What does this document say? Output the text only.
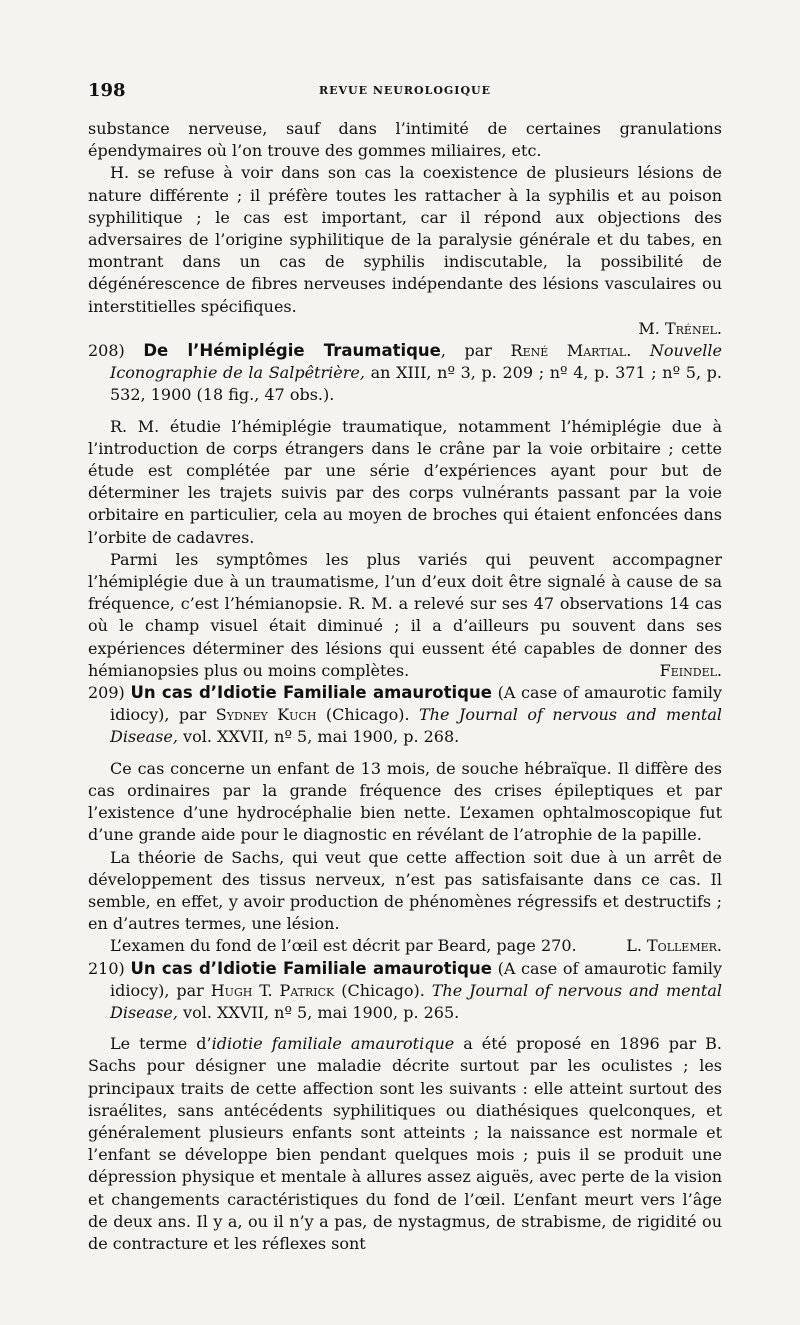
198	REVUE NEUROLOGIQUE

substance nerveuse, sauf dans l’intimité de certaines granulations épendymaires où l’on trouve des gommes miliaires, etc.

H. se refuse à voir dans son cas la coexistence de plusieurs lésions de nature différente ; il préfère toutes les rattacher à la syphilis et au poison syphilitique ; le cas est important, car il répond aux objections des adversaires de l’origine syphilitique de la paralysie générale et du tabes, en montrant dans un cas de syphilis indiscutable, la possibilité de dégénérescence de fibres nerveuses indépendante des lésions vasculaires ou interstitielles spécifiques.

M. Trénel.

208) De l’Hémiplégie Traumatique, par René Martial. Nouvelle Iconographie de la Salpêtrière, an XIII, nº 3, p. 209 ; nº 4, p. 371 ; nº 5, p. 532, 1900 (18 fig., 47 obs.).

R. M. étudie l’hémiplégie traumatique, notamment l’hémiplégie due à l’introduction de corps étrangers dans le crâne par la voie orbitaire ; cette étude est complétée par une série d’expériences ayant pour but de déterminer les trajets suivis par des corps vulnérants passant par la voie orbitaire en particulier, cela au moyen de broches qui étaient enfoncées dans l’orbite de cadavres.

Parmi les symptômes les plus variés qui peuvent accompagner l’hémiplégie due à un traumatisme, l’un d’eux doit être signalé à cause de sa fréquence, c’est l’hémianopsie. R. M. a relevé sur ses 47 observations 14 cas où le champ visuel était diminué ; il a d’ailleurs pu souvent dans ses expériences déterminer des lésions qui eussent été capables de donner des hémianopsies plus ou moins complètes.	Feindel.

209) Un cas d’Idiotie Familiale amaurotique (A case of amaurotic family idiocy), par Sydney Kuch (Chicago). The Journal of nervous and mental Disease, vol. XXVII, nº 5, mai 1900, p. 268.

Ce cas concerne un enfant de 13 mois, de souche hébraïque. Il diffère des cas ordinaires par la grande fréquence des crises épileptiques et par l’existence d’une hydrocéphalie bien nette. L’examen ophtalmoscopique fut d’une grande aide pour le diagnostic en révélant de l’atrophie de la papille.

La théorie de Sachs, qui veut que cette affection soit due à un arrêt de développement des tissus nerveux, n’est pas satisfaisante dans ce cas. Il semble, en effet, y avoir production de phénomènes régressifs et destructifs ; en d’autres termes, une lésion.

L’examen du fond de l’œil est décrit par Beard, page 270.	L. Tollemer.

210) Un cas d’Idiotie Familiale amaurotique (A case of amaurotic family idiocy), par Hugh T. Patrick (Chicago). The Journal of nervous and mental Disease, vol. XXVII, nº 5, mai 1900, p. 265.

Le terme d’idiotie familiale amaurotique a été proposé en 1896 par B. Sachs pour désigner une maladie décrite surtout par les oculistes ; les principaux traits de cette affection sont les suivants : elle atteint surtout des israélites, sans antécédents syphilitiques ou diathésiques quelconques, et généralement plusieurs enfants sont atteints ; la naissance est normale et l’enfant se développe bien pendant quelques mois ; puis il se produit une dépression physique et mentale à allures assez aiguës, avec perte de la vision et changements caractéristiques du fond de l’œil. L’enfant meurt vers l’âge de deux ans. Il y a, ou il n’y a pas, de nystagmus, de strabisme, de rigidité ou de contracture et les réflexes sont
